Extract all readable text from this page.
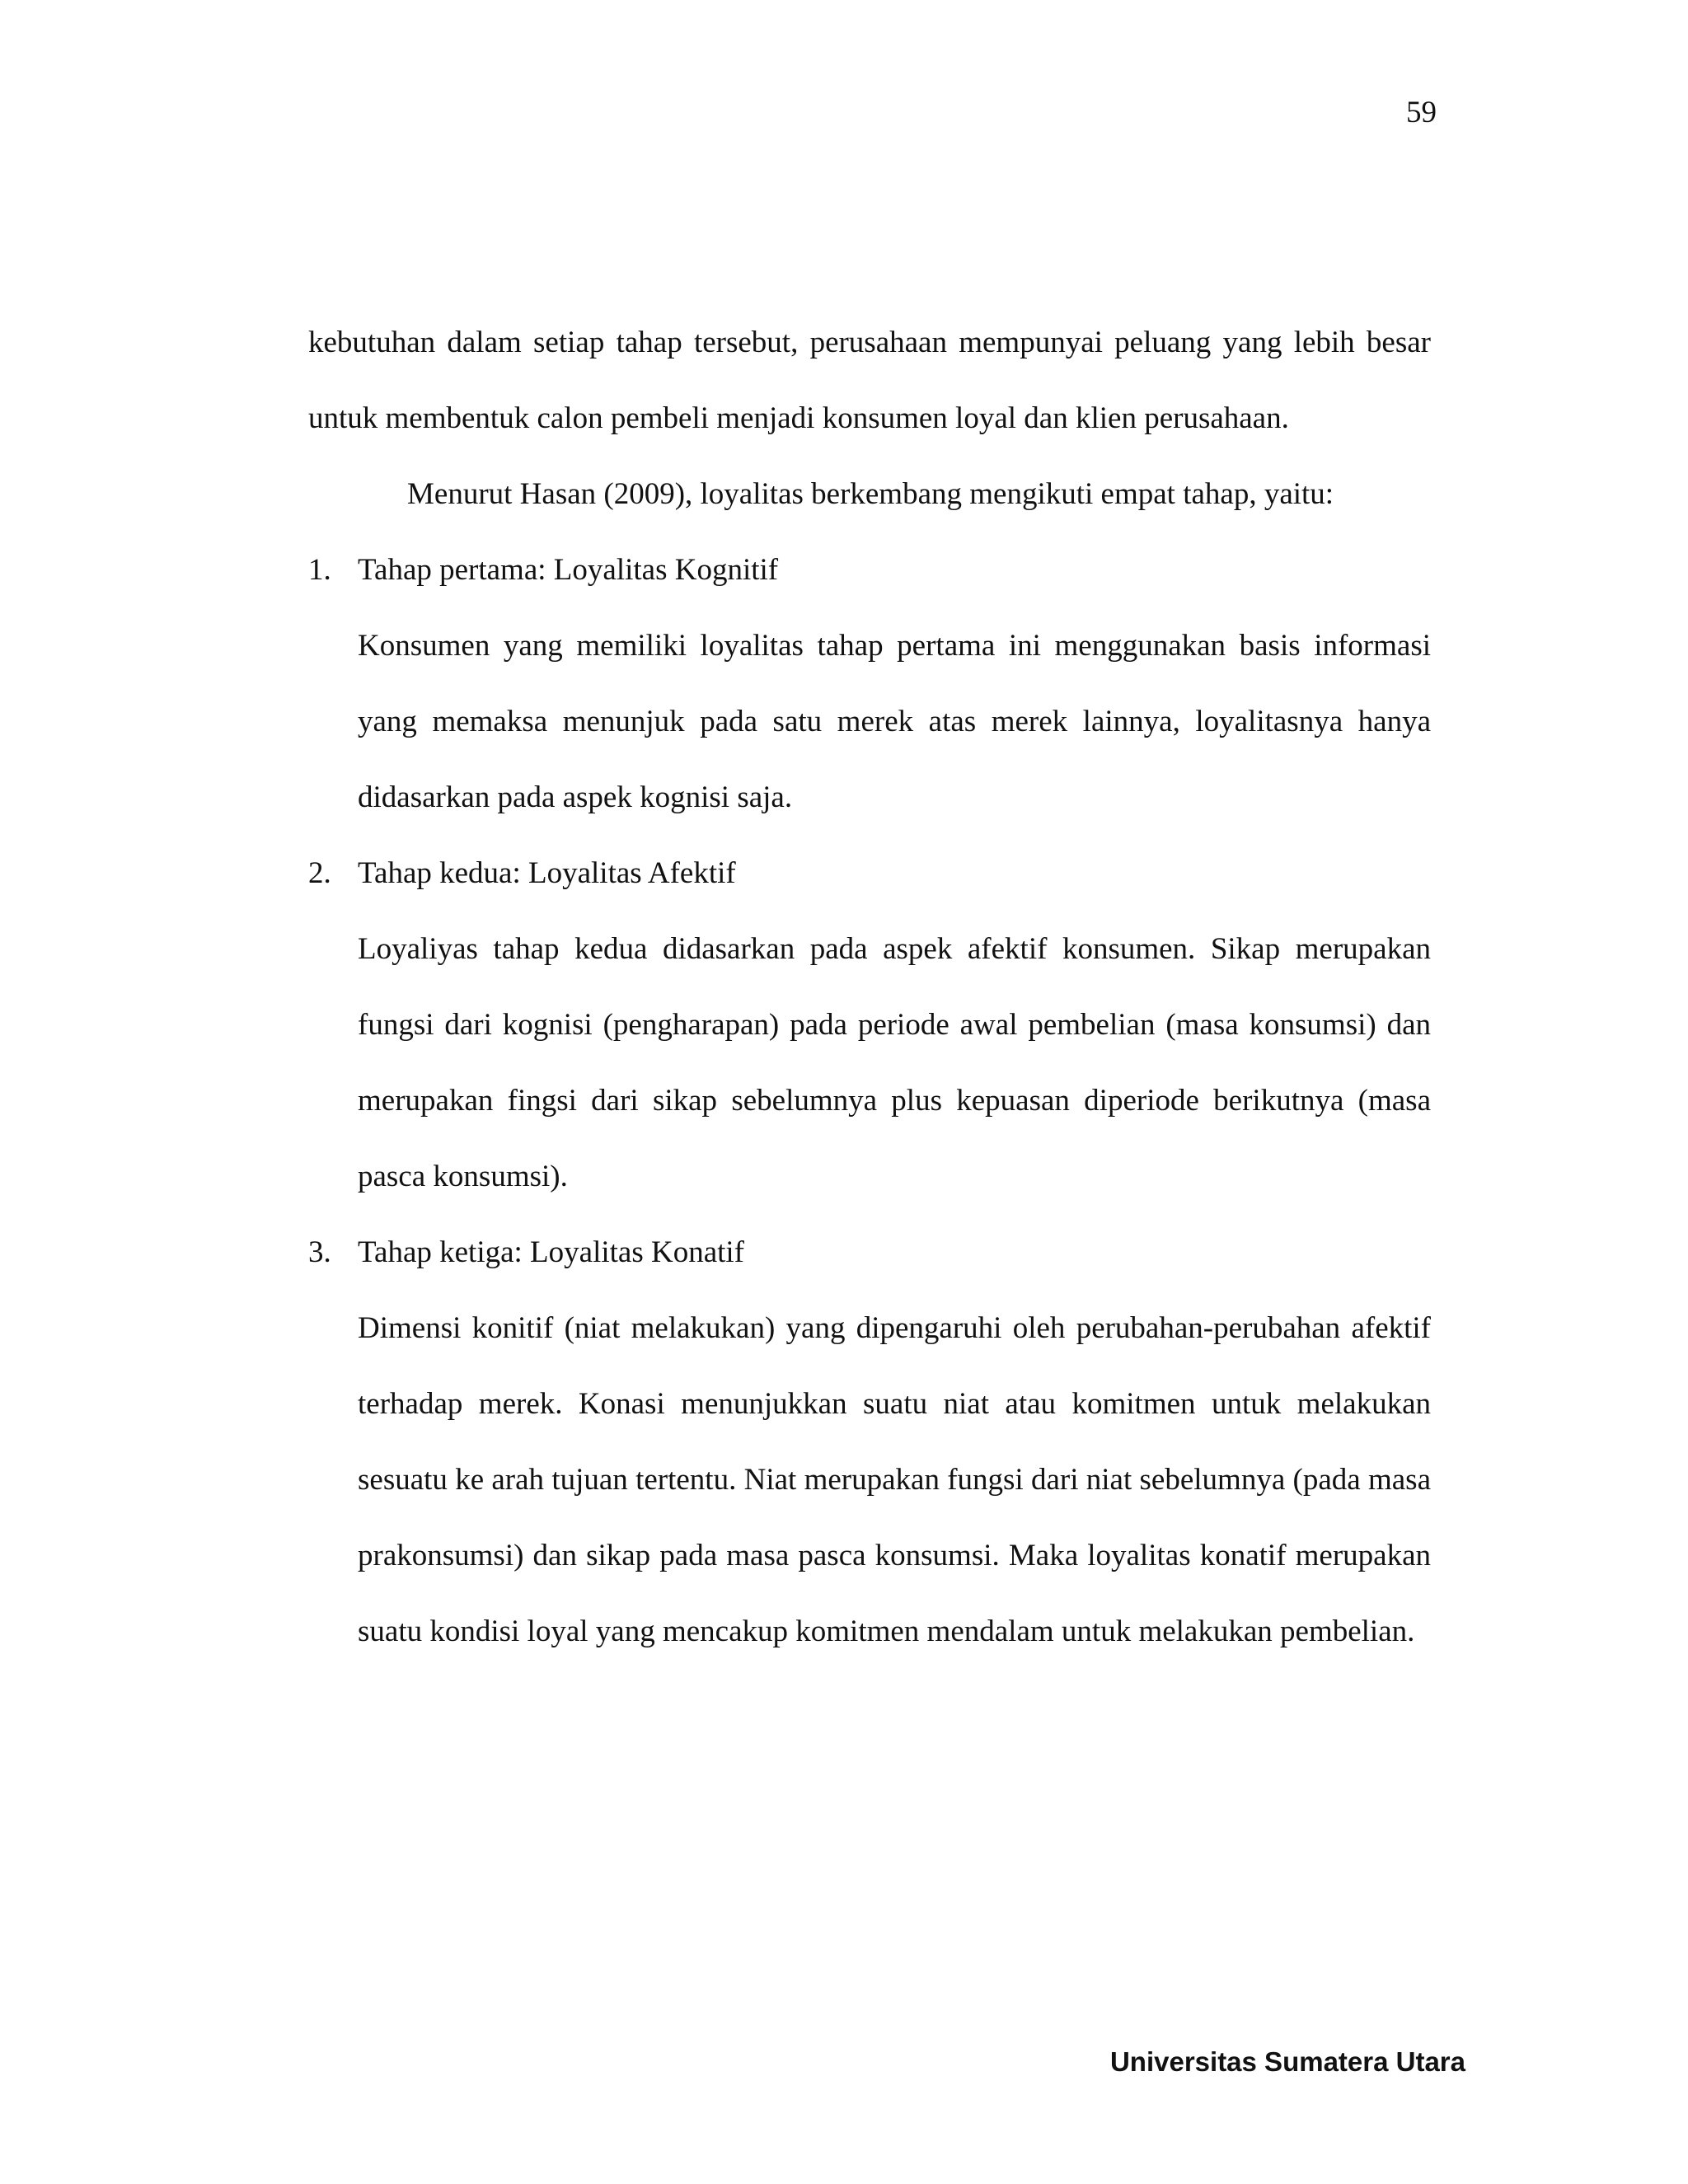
59

kebutuhan dalam setiap tahap tersebut, perusahaan mempunyai peluang yang lebih besar untuk membentuk calon pembeli menjadi konsumen loyal dan klien perusahaan.

Menurut Hasan (2009), loyalitas berkembang mengikuti empat tahap, yaitu:

1. Tahap pertama: Loyalitas Kognitif

Konsumen yang memiliki loyalitas tahap pertama ini menggunakan basis informasi yang memaksa menunjuk pada satu merek atas merek lainnya, loyalitasnya hanya didasarkan pada aspek kognisi saja.

2. Tahap kedua: Loyalitas Afektif

Loyaliyas tahap kedua didasarkan pada aspek afektif konsumen. Sikap merupakan fungsi dari kognisi (pengharapan) pada periode awal pembelian (masa konsumsi) dan merupakan fingsi dari sikap sebelumnya plus kepuasan diperiode berikutnya (masa pasca konsumsi).

3. Tahap ketiga: Loyalitas Konatif

Dimensi konitif (niat melakukan) yang dipengaruhi oleh perubahan-perubahan afektif terhadap merek. Konasi menunjukkan suatu niat atau komitmen untuk melakukan sesuatu ke arah tujuan tertentu. Niat merupakan fungsi dari niat sebelumnya (pada masa prakonsumsi) dan sikap pada masa pasca konsumsi. Maka loyalitas konatif merupakan suatu kondisi loyal yang mencakup komitmen mendalam untuk melakukan pembelian.

Universitas Sumatera Utara
